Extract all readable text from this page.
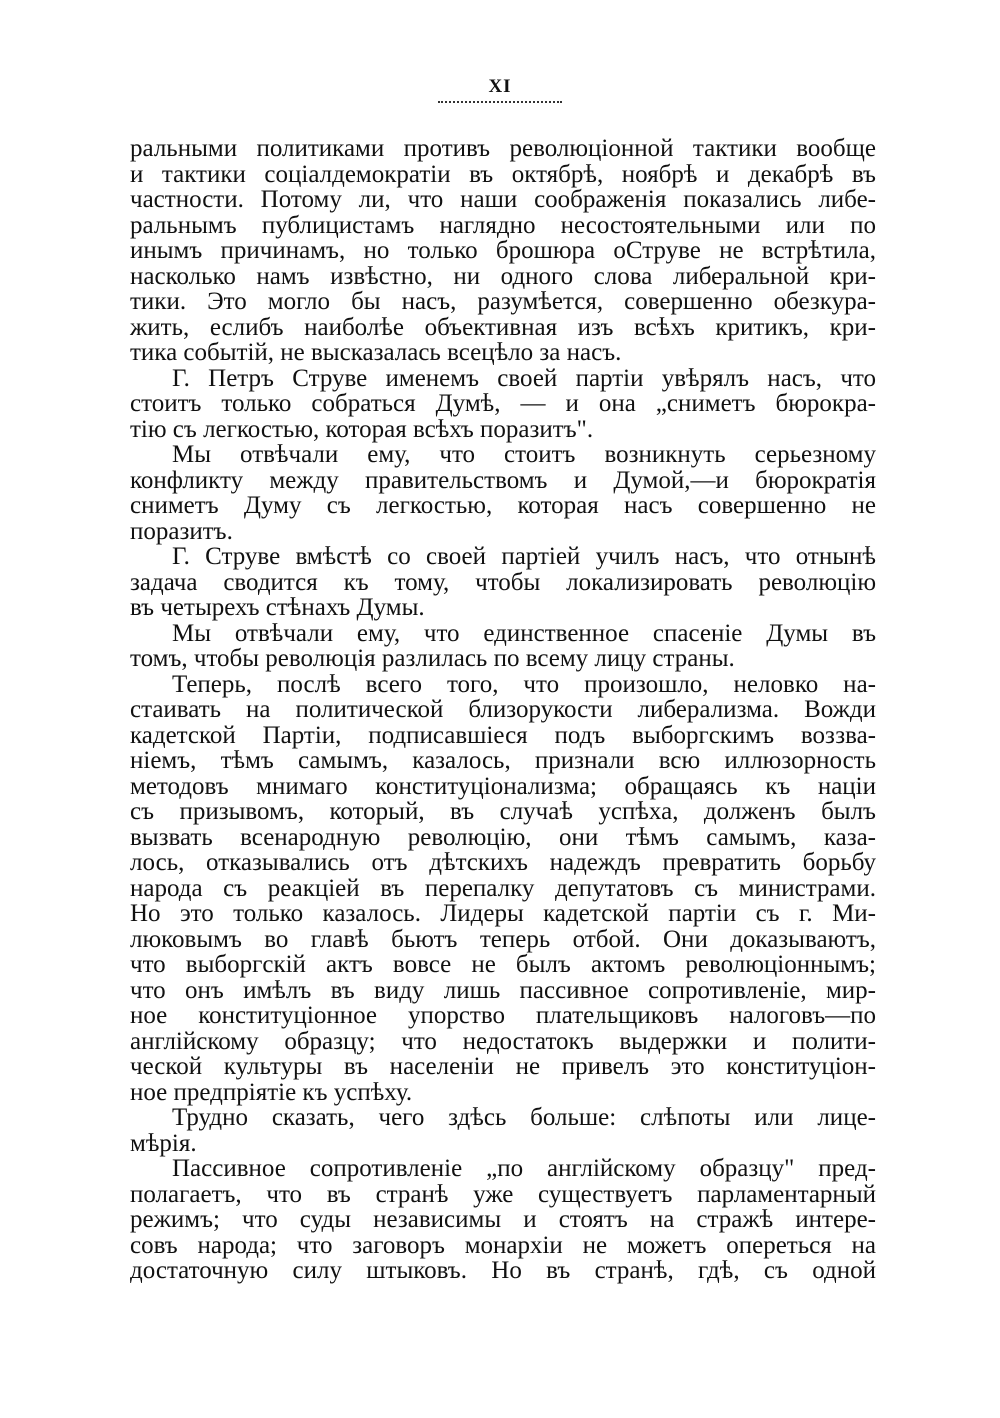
XI
ральными политиками противъ революціонной тактики вообще
и тактики соціалдемократіи въ октябрѣ, ноябрѣ и декабрѣ въ
частности. Потому ли, что наши соображенія показались либе-
ральнымъ публицистамъ наглядно несостоятельными или по
инымъ причинамъ, но только брошюра оСтруве не встрѣтила,
насколько намъ извѣстно, ни одного слова либеральной кри-
тики. Это могло бы насъ, разумѣется, совершенно обезкура-
жить, еслибъ наиболѣе объективная изъ всѣхъ критикъ, кри-
тика событій, не высказалась всецѣло за насъ.
Г. Петръ Струве именемъ своей партіи увѣрялъ насъ, что
стоитъ только собраться Думѣ, — и она „сниметъ бюрокра-
тію съ легкостью, которая всѣхъ поразитъ".
Мы отвѣчали ему, что стоитъ возникнуть серьезному
конфликту между правительствомъ и Думой,—и бюрократія
сниметъ Думу съ легкостью, которая насъ совершенно не
поразитъ.
Г. Струве вмѣстѣ со своей партіей училъ насъ, что отнынѣ
задача сводится къ тому, чтобы локализировать революцію
въ четырехъ стѣнахъ Думы.
Мы отвѣчали ему, что единственное спасеніе Думы въ
томъ, чтобы революція разлилась по всему лицу страны.
Теперь, послѣ всего того, что произошло, неловко на-
стаивать на политической близорукости либерализма. Вожди
кадетской Партіи, подписавшіеся подъ выборгскимъ воззва-
ніемъ, тѣмъ самымъ, казалось, признали всю иллюзорность
методовъ мнимаго конституціонализма; обращаясь къ націи
съ призывомъ, который, въ случаѣ успѣха, долженъ былъ
вызвать всенародную революцію, они тѣмъ самымъ, каза-
лось, отказывались отъ дѣтскихъ надеждъ превратить борьбу
народа съ реакціей въ перепалку депутатовъ съ министрами.
Но это только казалось. Лидеры кадетской партіи съ г. Ми-
люковымъ во главѣ бьютъ теперь отбой. Они доказываютъ,
что выборгскій актъ вовсе не былъ актомъ революціоннымъ;
что онъ имѣлъ въ виду лишь пассивное сопротивленіе, мир-
ное конституціонное упорство плательщиковъ налоговъ—по
англійскому образцу; что недостатокъ выдержки и полити-
ческой культуры въ населеніи не привелъ это конституціон-
ное предпріятіе къ успѣху.
Трудно сказать, чего здѣсь больше: слѣпоты или лице-
мѣрія.
Пассивное сопротивленіе „по англійскому образцу" пред-
полагаетъ, что въ странѣ уже существуетъ парламентарный
режимъ; что суды независимы и стоятъ на стражѣ интере-
совъ народа; что заговоръ монархіи не можетъ опереться на
достаточную силу штыковъ. Но въ странѣ, гдѣ, съ одной
